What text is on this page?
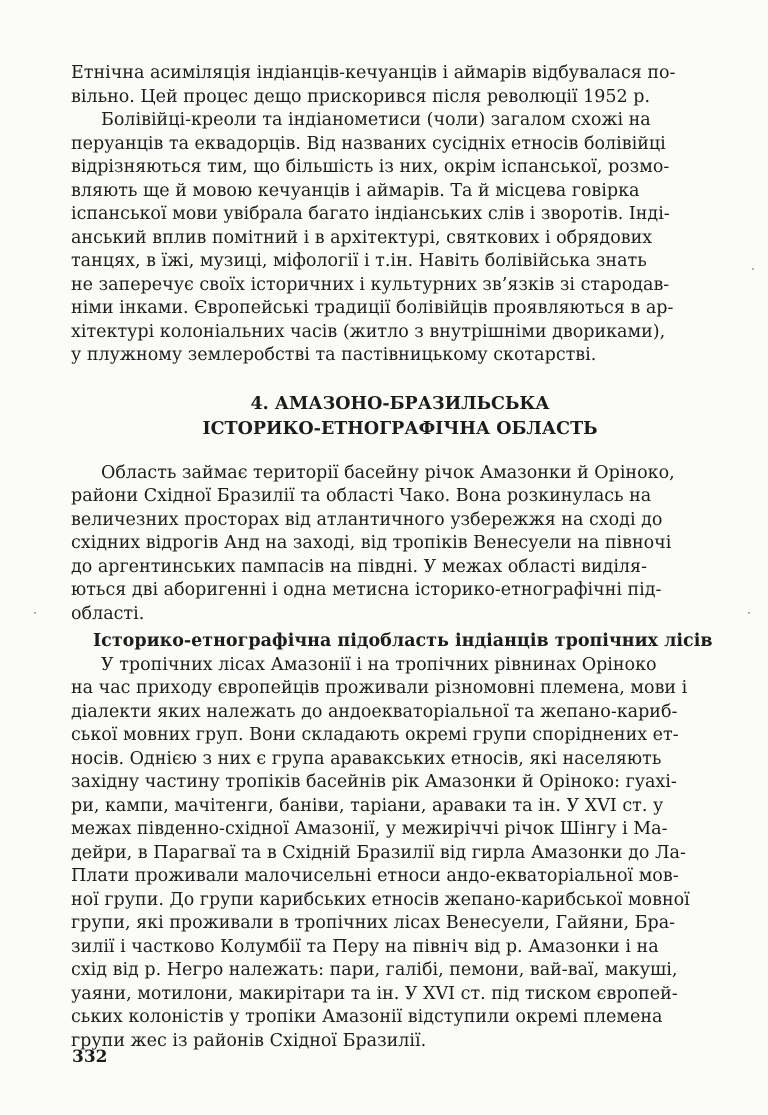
Етнічна асиміляція індіанців-кечуанців і аймарів відбувалася по-
вільно. Цей процес дещо прискорився після революції 1952 р.
Болівійці-креоли та індіанометиси (чоли) загалом схожі на
перуанців та еквадорців. Від названих сусідніх етносів болівійці
відрізняються тим, що більшість із них, окрім іспанської, розмо-
вляють ще й мовою кечуанців і аймарів. Та й місцева говірка
іспанської мови увібрала багато індіанських слів і зворотів. Інді-
анський вплив помітний і в архітектурі, святкових і обрядових
танцях, в їжі, музиці, міфології і т.ін. Навіть болівійська знать
не заперечує своїх історичних і культурних зв’язків зі стародав-
німи інками. Європейські традиції болівійців проявляються в ар-
хітектурі колоніальних часів (житло з внутрішніми двориками),
у плужному землеробстві та пастівницькому скотарстві.
4. АМАЗОНО-БРАЗИЛЬСЬКА
ІСТОРИКО-ЕТНОГРАФІЧНА ОБЛАСТЬ
Область займає території басейну річок Амазонки й Оріноко,
райони Східної Бразилії та області Чако. Вона розкинулась на
величезних просторах від атлантичного узбережжя на сході до
східних відрогів Анд на заході, від тропіків Венесуели на півночі
до аргентинських пампасів на півдні. У межах області виділя-
ються дві аборигенні і одна метисна історико-етнографічні під-
області.
Історико-етнографічна підобласть індіанців тропічних лісів
У тропічних лісах Амазонії і на тропічних рівнинах Оріноко
на час приходу європейців проживали різномовні племена, мови і
діалекти яких належать до андоекваторіальної та жепано-кариб-
ської мовних груп. Вони складають окремі групи споріднених ет-
носів. Однією з них є група аравакських етносів, які населяють
західну частину тропіків басейнів рік Амазонки й Оріноко: гуахі-
ри, кампи, мачітенги, баніви, таріани, араваки та ін. У XVI ст. у
межах південно-східної Амазонії, у межиріччі річок Шінгу і Ма-
дейри, в Парагваї та в Східній Бразилії від гирла Амазонки до Ла-
Плати проживали малочисельні етноси андо-екваторіальної мов-
ної групи. До групи карибських етносів жепано-карибської мовної
групи, які проживали в тропічних лісах Венесуели, Гайяни, Бра-
зилії і частково Колумбії та Перу на північ від р. Амазонки і на
схід від р. Негро належать: пари, галібі, пемони, вай-ваї, макуші,
уаяни, мотилони, макиpітари та ін. У XVI ст. під тиском європей-
ських колоністів у тропіки Амазонії відступили окремі племена
групи жес із районів Східної Бразилії.
332
